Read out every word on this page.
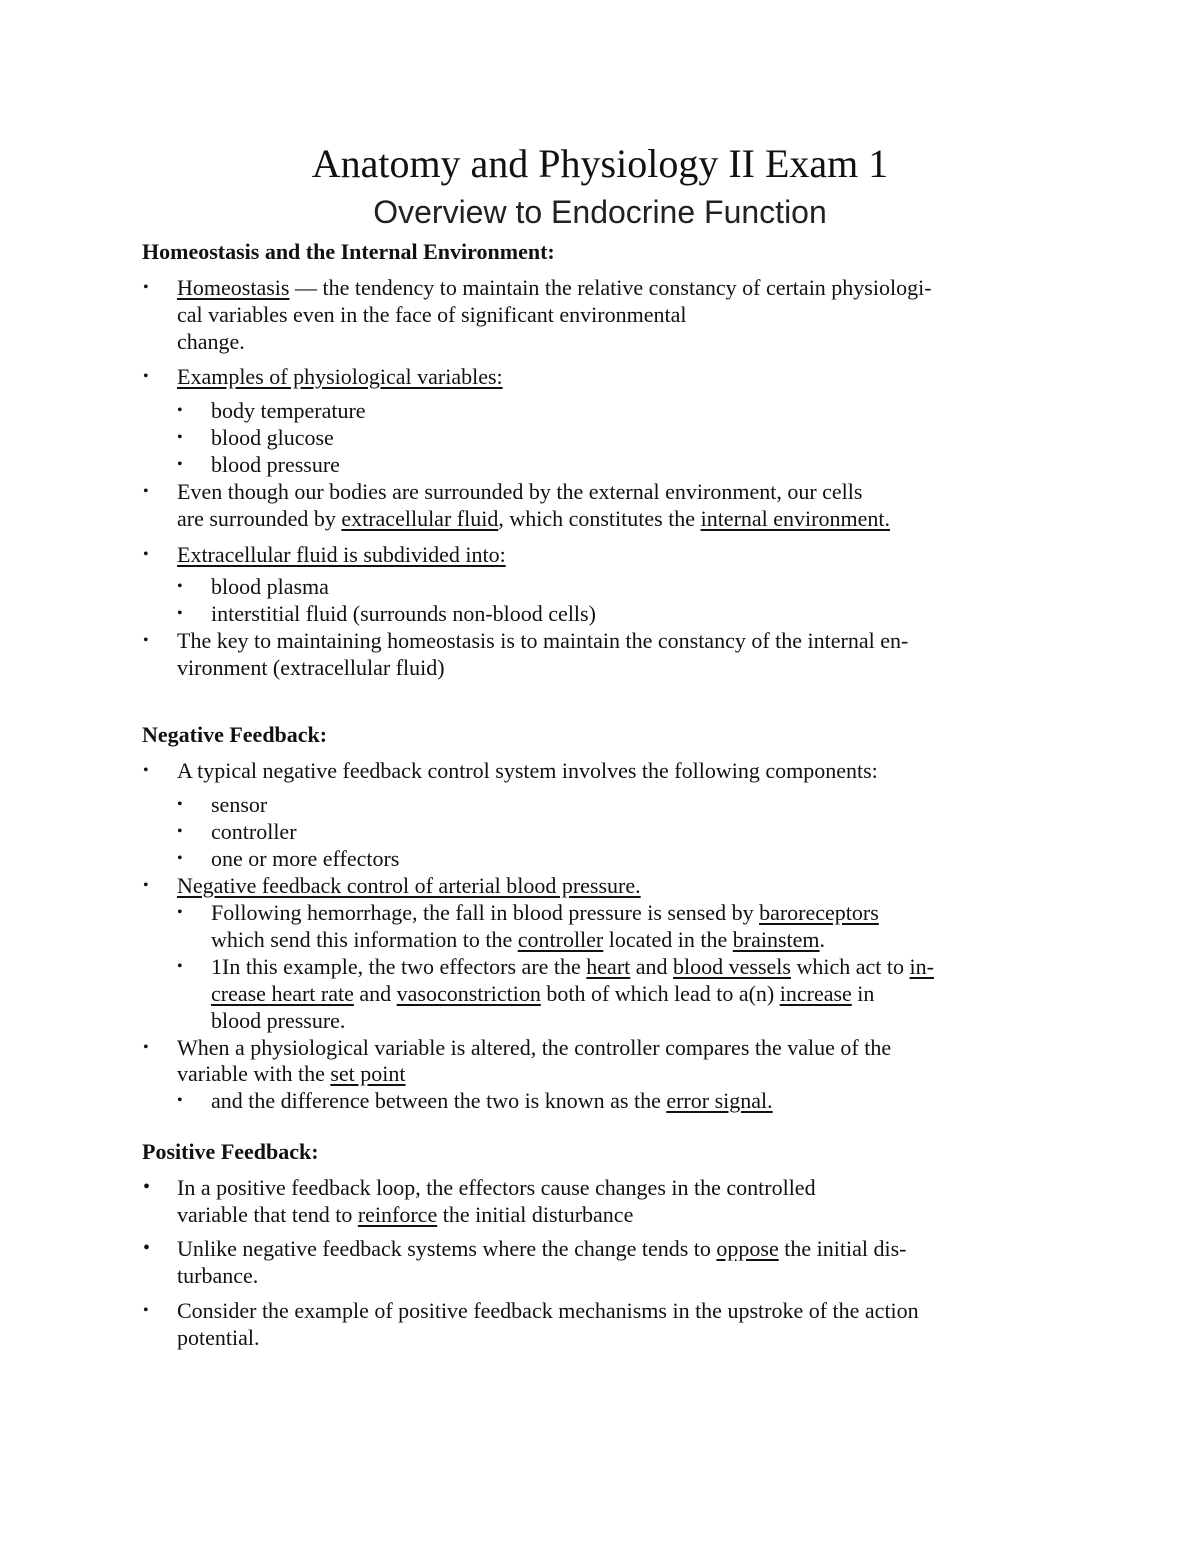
Anatomy and Physiology II Exam 1
Overview to Endocrine Function
Homeostasis and the Internal Environment:
• Homeostasis — the tendency to maintain the relative constancy of certain physiologi-
cal variables even in the face of significant environmental
change.
• Examples of physiological variables:
• body temperature
• blood glucose
• blood pressure
• Even though our bodies are surrounded by the external environment, our cells
are surrounded by extracellular fluid, which constitutes the internal environment.
• Extracellular fluid is subdivided into:
• blood plasma
• interstitial fluid (surrounds non-blood cells)
• The key to maintaining homeostasis is to maintain the constancy of the internal en-
vironment (extracellular fluid)
Negative Feedback:
• A typical negative feedback control system involves the following components:
• sensor
• controller
• one or more effectors
• Negative feedback control of arterial blood pressure.
• Following hemorrhage, the fall in blood pressure is sensed by baroreceptors
which send this information to the controller located in the brainstem.
• 1In this example, the two effectors are the heart and blood vessels which act to in-
crease heart rate and vasoconstriction both of which lead to a(n) increase in
blood pressure.
• When a physiological variable is altered, the controller compares the value of the
variable with the set point
• and the difference between the two is known as the error signal.
Positive Feedback:
• In a positive feedback loop, the effectors cause changes in the controlled
variable that tend to reinforce the initial disturbance
• Unlike negative feedback systems where the change tends to oppose the initial dis-
turbance.
• Consider the example of positive feedback mechanisms in the upstroke of the action
potential.
